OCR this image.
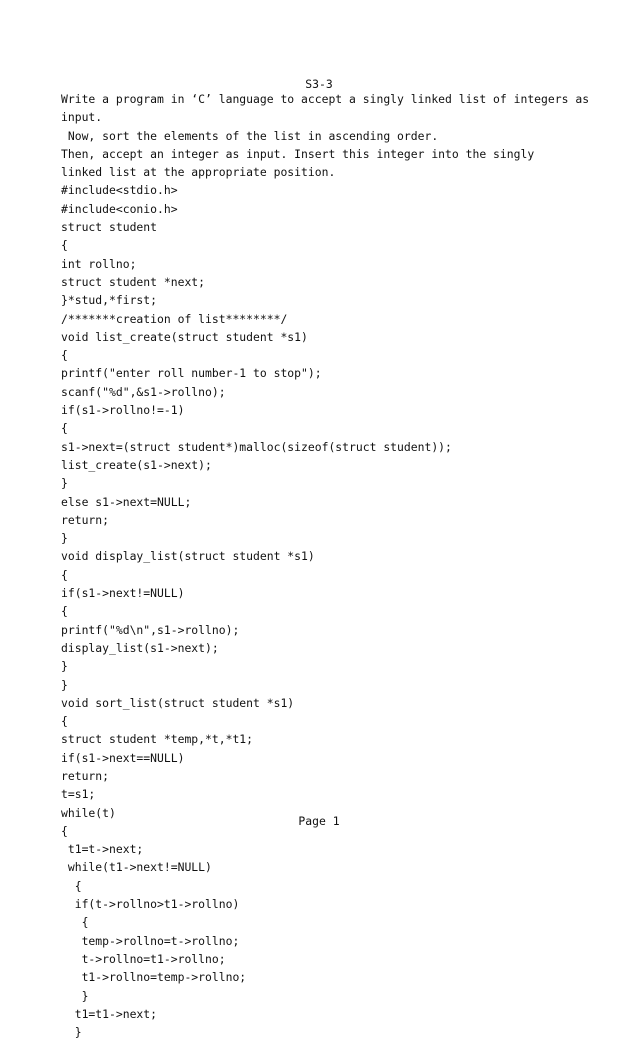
S3-3
Write a program in ‘C’ language to accept a singly linked list of integers as
input.
Now, sort the elements of the list in ascending order.
Then, accept an integer as input. Insert this integer into the singly
linked list at the appropriate position.
#include<stdio.h>
#include<conio.h>
struct student
{
int rollno;
struct student *next;
}*stud,*first;
/*******creation of list********/
void list_create(struct student *s1)
{
printf("enter roll number-1 to stop");
scanf("%d",&s1->rollno);
if(s1->rollno!=-1)
{
s1->next=(struct student*)malloc(sizeof(struct student));
list_create(s1->next);
}
else s1->next=NULL;
return;
}
void display_list(struct student *s1)
{
if(s1->next!=NULL)
{
printf("%d\n",s1->rollno);
display_list(s1->next);
}
}
void sort_list(struct student *s1)
{
struct student *temp,*t,*t1;
if(s1->next==NULL)
return;
t=s1;
while(t)
{
t1=t->next;
while(t1->next!=NULL)
{
if(t->rollno>t1->rollno)
{
temp->rollno=t->rollno;
t->rollno=t1->rollno;
t1->rollno=temp->rollno;
}
t1=t1->next;
}
Page 1
